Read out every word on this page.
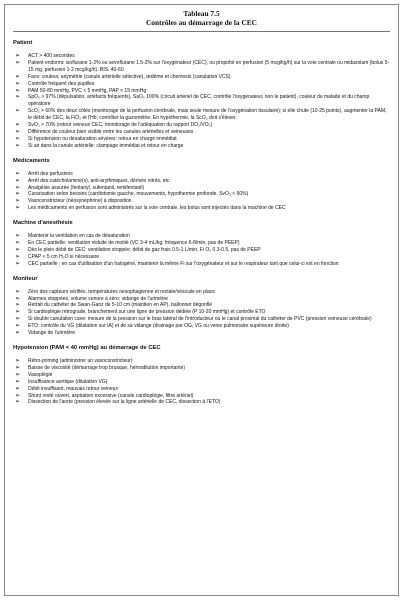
Tableau 7.5
Contrôles au démarrage de la CEC
Patient
➢ ACT > 400 secondes
➢ Patient endormi: isoflurane 1-2% ou sevoflurane 1.5-2% sur l'oxygénateur (CEC), ou propofol en perfusion (5 mcg/kg/h) sur la voie centrale ou midazolam (bolus 5-15 mg, perfusion 1-2 mcg/kg/h). BIS: 40-60
➢ Face: couleur, asymétrie (canule artérielle sélective), œdème et chemosis (canulation VCS)
➢ Contrôle fréquent des pupilles
➢ PAM 50-80 mmHg, PVC < 5 mmHg, PAP < 15 mmHg
➢ SpO₂ > 97% (dépulsation, artéfacts fréquents), SaO₂ 100% (circuit artériel de CEC, contrôle l'oxygénateur, non le patient), couleur du malade et du champ opératoire
➢ ScO₂ > 60% des deux côtés (monitorage de la perfusion cérébrale, mais seule mesure de l'oxygénation tissulaire); si elle chute (10-25 points), augmenter la PAM, le débit de CEC, la FiO₂ et l'Hb; contrôler la gazométrie. En hypothermie, la ScO₂ doit s'élever.
➢ SvO₂ > 70% (retour veineux CEC, monitorage de l'adéquation du rapport DO₂/VO₂)
➢ Différence de couleur bien visible entre les canules artérielles et veineuses
➢ Si hypotension ou désaturation sévères: retour en charge immédiat
➢ Si air dans la canule artérielle: clampage immédiat et retour en charge
Médicaments
➢ Arrêt des perfusions
➢ Arrêt des catécholamine(s), anti-arythmiques, dérivés nitrés, etc
➢ Analgésie assurée (fentanyl, sufentanil, remifentanil)
➢ Curarisation selon besoins (cardiotomie gauche, mouvements, hypothermie profonde, SvO₂ < 60%)
➢ Vasoconstricteur (néosynéphrine) à disposition
➢ Les médicaments en perfusion sont administrés sur la voie centrale, les bolus sont injectés dans la machine de CEC
Machine d'anesthésie
➢ Maintenir la ventilation en cas de désaturation
➢ En CEC partielle: ventilation réduite de moitié (VC 3-4 mL/kg, fréquence 6-8/min, pas de PEEP)
➢ Dès le plein débit de CEC: ventilation stoppée; débit de gaz frais 0.5-1 L/min, Fi O₂ 0.3-0.5, pas de PEEP
➢ CPAP < 5 cm H₂O si nécessaire
➢ CEC partielle ; en cas d'utilisation d'un halogéné, maintenir la même Fi sur l'oxygénateur et sur le respirateur tant que celui-ci est en fonction
Moniteur
➢ Zéro des capteurs vérifiés, températures oesophagienne et rectale/vésicale en place
➢ Alarmes stoppées, volume sonore à zéro; vidange de l'urimètre
➢ Retrait du cathéter de Swan-Ganz de 5-10 cm (maintien en AP), ballonnet dégonflé
➢ Si cardioplégie rétrograde, branchement sur une ligne de pression dédiée (P 10-20 mmHg) et contrôle ETO
➢ Si double canulation cave: mesure de la pression sur le bras latéral de l'introducteur ou le canal proximal du cathéter de PVC (pression veineuse cérébrale)
➢ ETO: contrôle du VG (dilatation sur IA) et de sa vidange (drainage par OG, VG ou veine pulmonaire supérieure droite)
➢ Vidange de l'urimètre
Hypotension (PAM < 40 mmHg) au démarrage de CEC
➢ Rétro-priming (administrer un vasoconstricteur)
➢ Baisse de viscosité (démarrage trop brusque, hémodilution importante)
➢ Vasoplégie
➢ Insuffisance aortique (dilatation VG)
➢ Débit insuffisant, mauvais retour veineux
➢ Shunt resté ouvert, aspiration excessive (canule cardioplégie, filtre artériel)
➢ Dissection de l'aorte (pression élevée sur la ligne artérielle de CEC, dissection à l'ETO)
